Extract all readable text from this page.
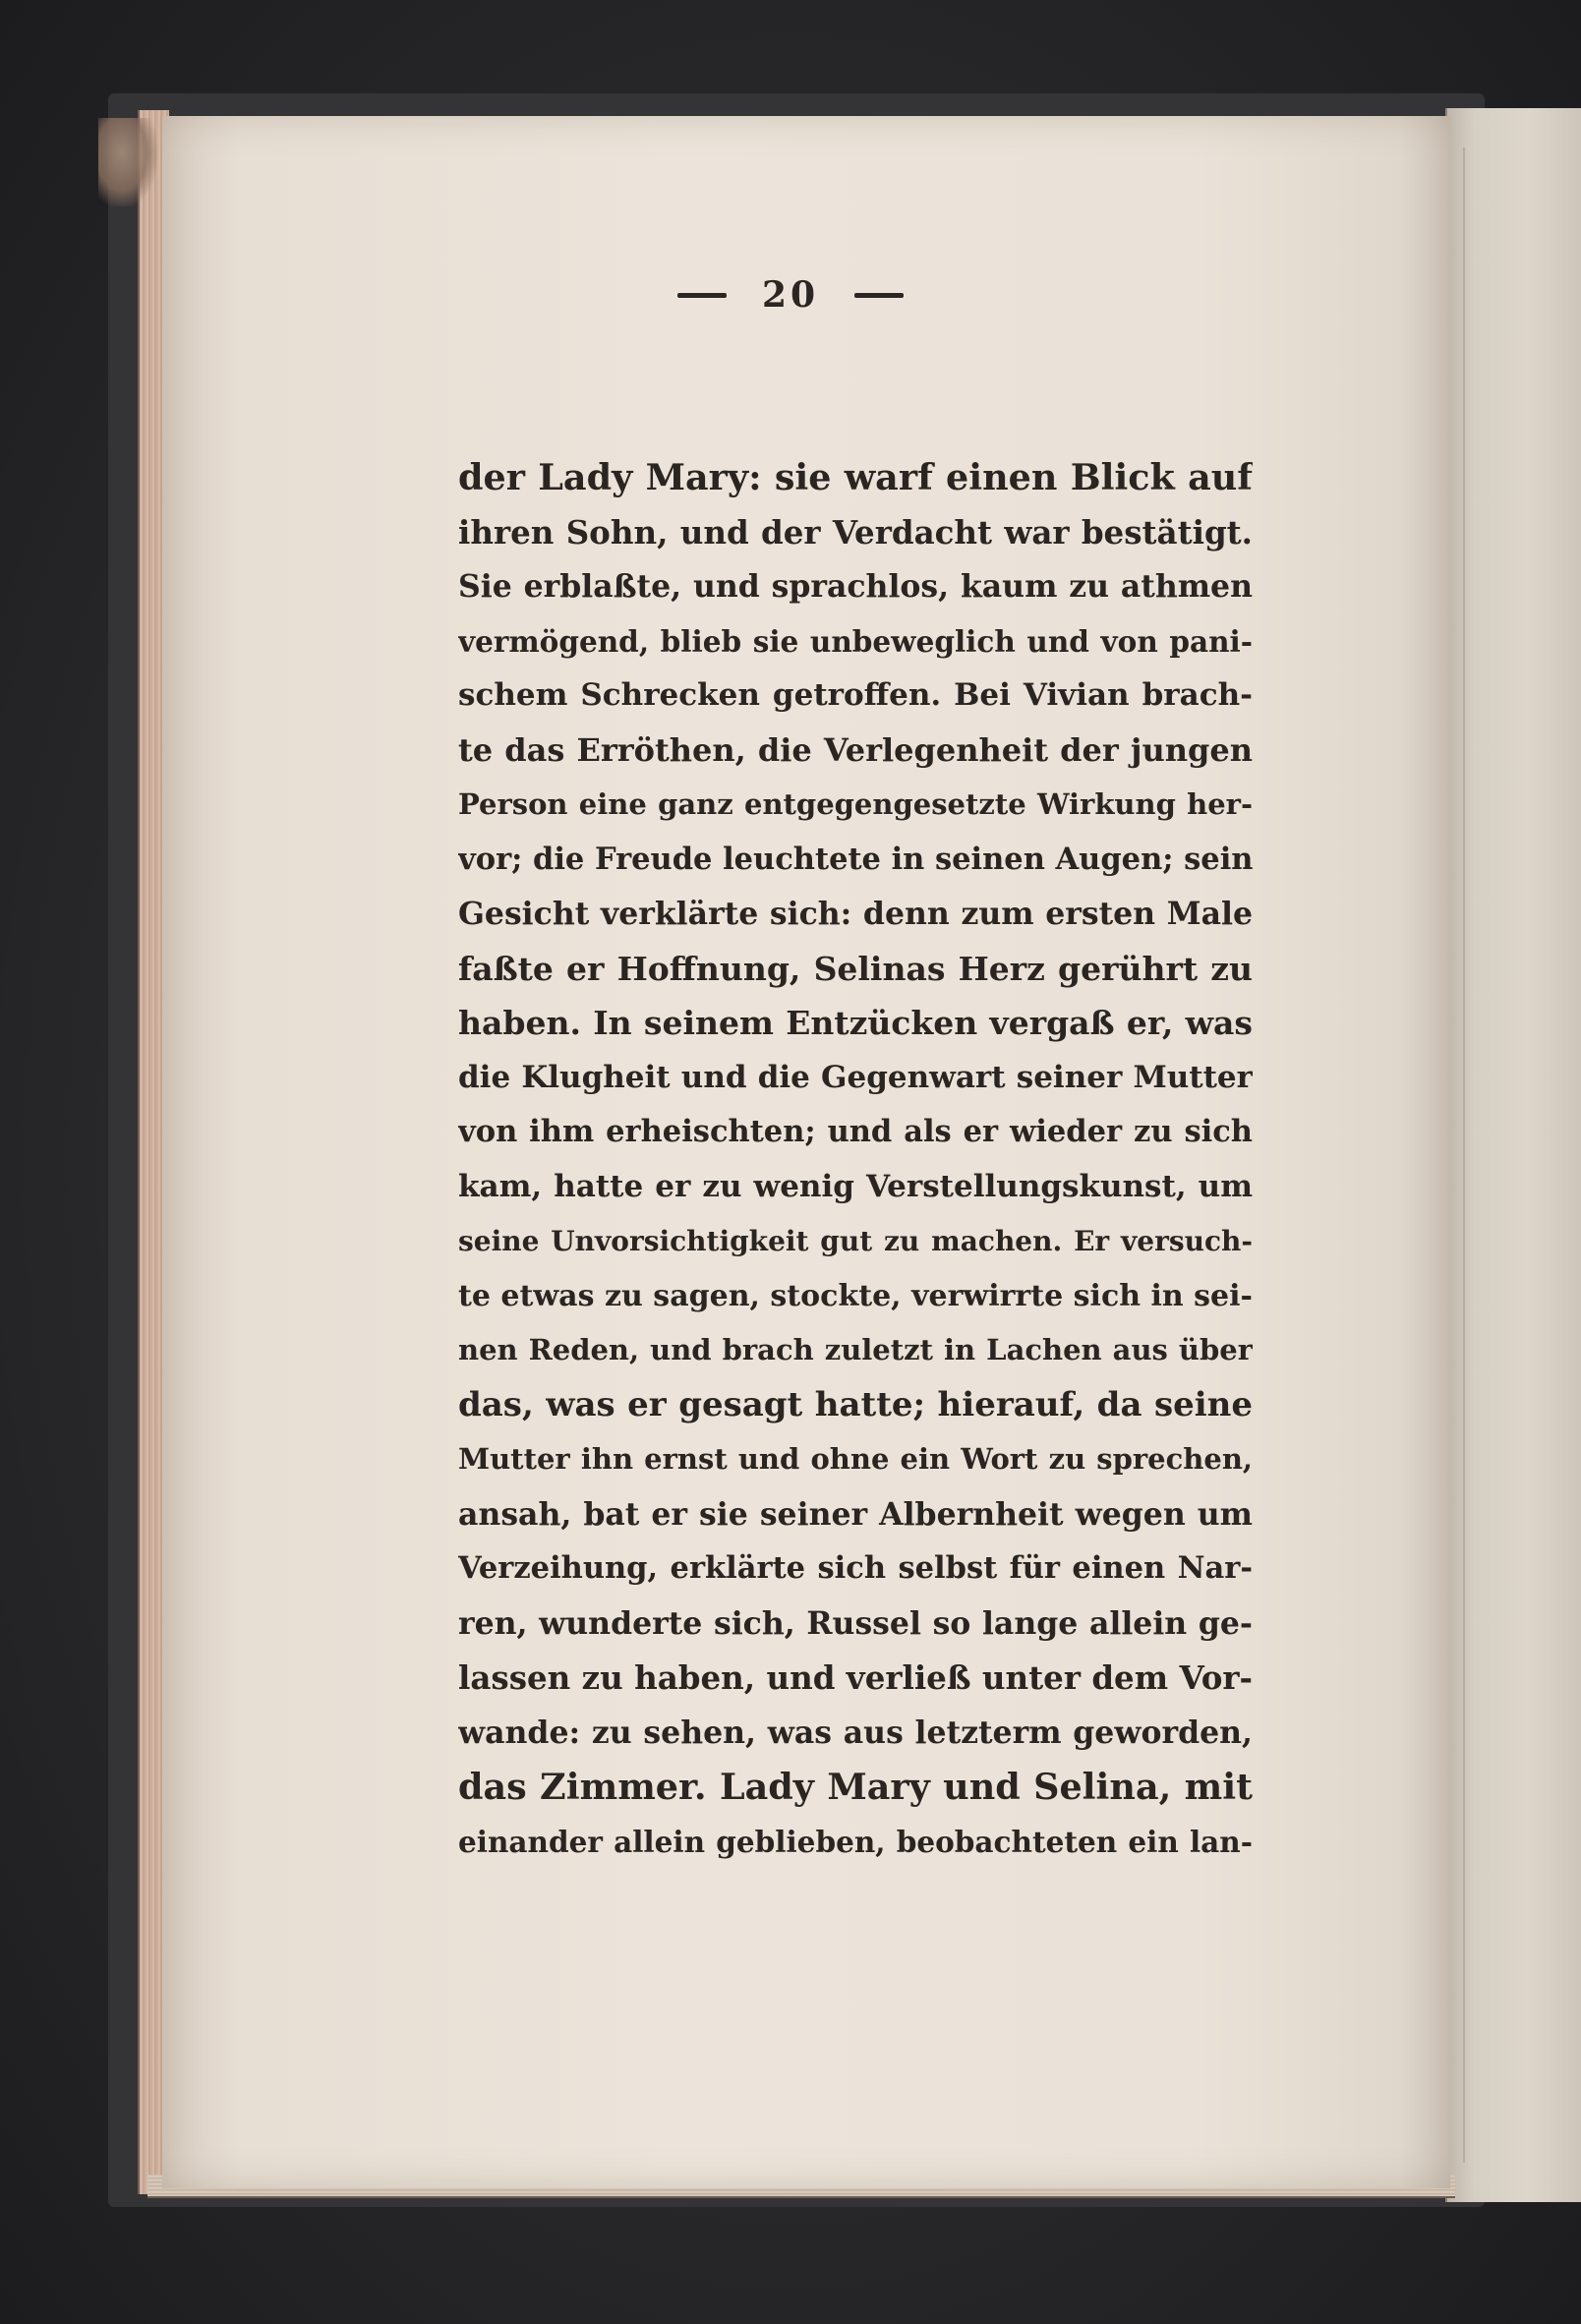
20
der Lady Mary: sie warf einen Blick auf
ihren Sohn, und der Verdacht war bestätigt.
Sie erblaßte, und sprachlos, kaum zu athmen
vermögend, blieb sie unbeweglich und von pani-
schem Schrecken getroffen. Bei Vivian brach-
te das Erröthen, die Verlegenheit der jungen
Person eine ganz entgegengesetzte Wirkung her-
vor; die Freude leuchtete in seinen Augen; sein
Gesicht verklärte sich: denn zum ersten Male
faßte er Hoffnung, Selinas Herz gerührt zu
haben. In seinem Entzücken vergaß er, was
die Klugheit und die Gegenwart seiner Mutter
von ihm erheischten; und als er wieder zu sich
kam, hatte er zu wenig Verstellungskunst, um
seine Unvorsichtigkeit gut zu machen. Er versuch-
te etwas zu sagen, stockte, verwirrte sich in sei-
nen Reden, und brach zuletzt in Lachen aus über
das, was er gesagt hatte; hierauf, da seine
Mutter ihn ernst und ohne ein Wort zu sprechen,
ansah, bat er sie seiner Albernheit wegen um
Verzeihung, erklärte sich selbst für einen Nar-
ren, wunderte sich, Russel so lange allein ge-
lassen zu haben, und verließ unter dem Vor-
wande: zu sehen, was aus letzterm geworden,
das Zimmer. Lady Mary und Selina, mit
einander allein geblieben, beobachteten ein lan-
